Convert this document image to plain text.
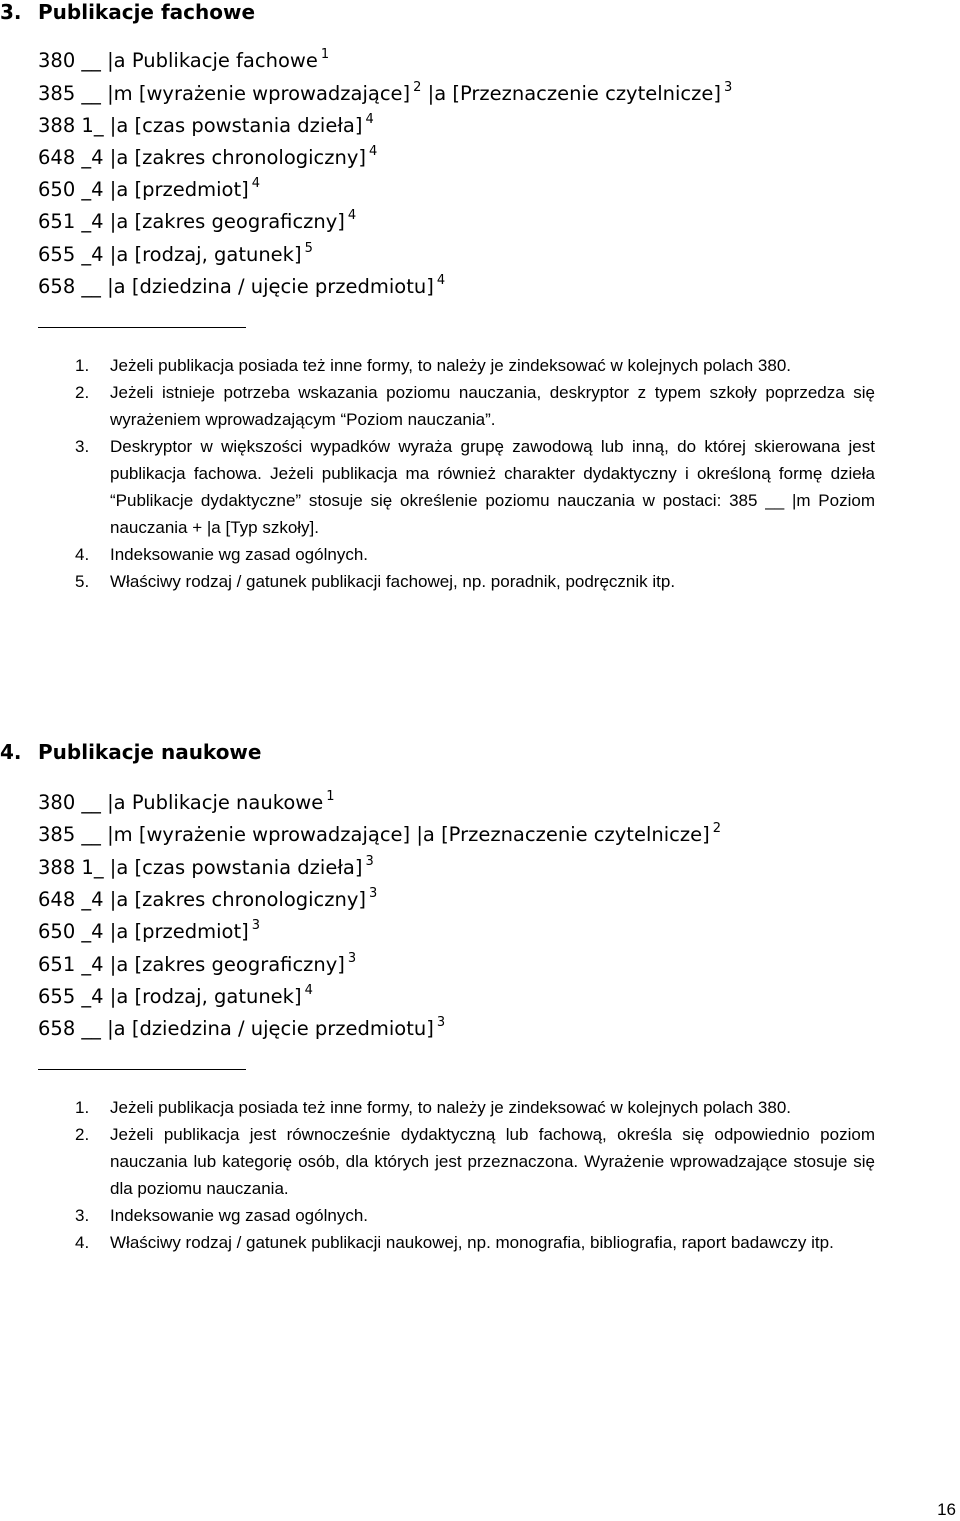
3. Publikacje fachowe
380 __ |a Publikacje fachowe $^1$
385 __ |m [wyrażenie wprowadzające] $^2$ |a [Przeznaczenie czytelnicze] $^3$
388 1_ |a [czas powstania dzieła] $^4$
648 _4 |a [zakres chronologiczny] $^4$
650 _4 |a [przedmiot] $^4$
651 _4 |a [zakres geograficzny] $^4$
655 _4 |a [rodzaj, gatunek] $^5$
658 __ |a [dziedzina / ujęcie przedmiotu] $^4$
1. Jeżeli publikacja posiada też inne formy, to należy je zindeksować w kolejnych polach 380.
2. Jeżeli istnieje potrzeba wskazania poziomu nauczania, deskryptor z typem szkoły poprzedza się wyrażeniem wprowadzającym “Poziom nauczania”.
3. Deskryptor w większości wypadków wyraża grupę zawodową lub inną, do której skierowana jest publikacja fachowa. Jeżeli publikacja ma również charakter dydaktyczny i określoną formę dzieła “Publikacje dydaktyczne” stosuje się określenie poziomu nauczania w postaci: 385 __ |m Poziom nauczania + |a [Typ szkoły].
4. Indeksowanie wg zasad ogólnych.
5. Właściwy rodzaj / gatunek publikacji fachowej, np. poradnik, podręcznik itp.
4. Publikacje naukowe
380 __ |a Publikacje naukowe $^1$
385 __ |m [wyrażenie wprowadzające] |a [Przeznaczenie czytelnicze] $^2$
388 1_ |a [czas powstania dzieła] $^3$
648 _4 |a [zakres chronologiczny] $^3$
650 _4 |a [przedmiot] $^3$
651 _4 |a [zakres geograficzny] $^3$
655 _4 |a [rodzaj, gatunek] $^4$
658 __ |a [dziedzina / ujęcie przedmiotu] $^3$
1. Jeżeli publikacja posiada też inne formy, to należy je zindeksować w kolejnych polach 380.
2. Jeżeli publikacja jest równocześnie dydaktyczną lub fachową, określa się odpowiednio poziom nauczania lub kategorię osób, dla których jest przeznaczona. Wyrażenie wprowadzające stosuje się dla poziomu nauczania.
3. Indeksowanie wg zasad ogólnych.
4. Właściwy rodzaj / gatunek publikacji naukowej, np. monografia, bibliografia, raport badawczy itp.
16
